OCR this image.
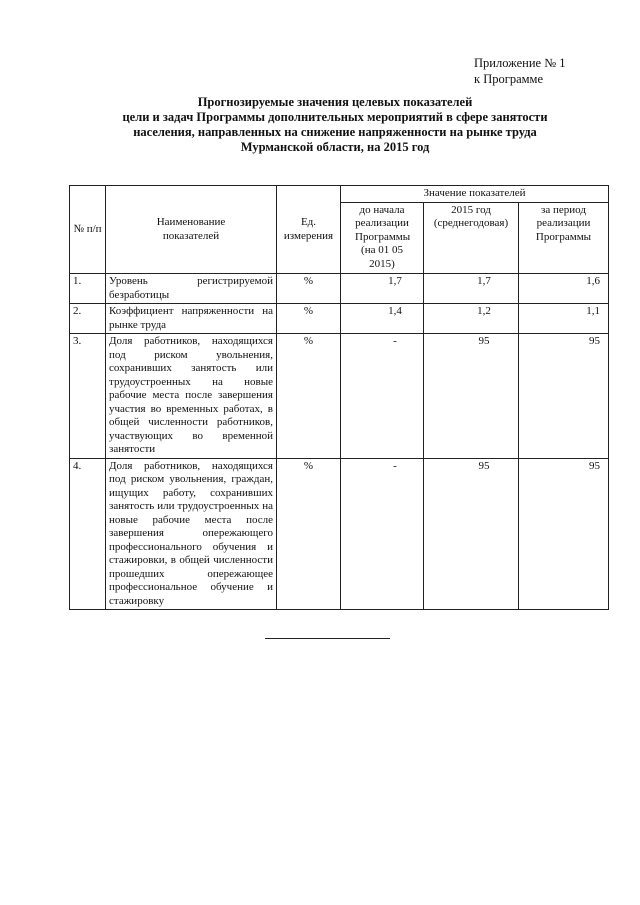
Приложение № 1
к Программе
Прогнозируемые значения целевых показателей
цели и задач Программы дополнительных мероприятий в сфере занятости
населения, направленных на снижение напряженности на рынке труда
Мурманской области, на 2015 год
№ п/п	Наименование показателей	Ед. измерения	Значение показателей		
			до начала реализации Программы (на 01 05 2015)	2015 год (среднегодовая)	за период реализации Программы
1.	Уровень регистрируемой безработицы	%	1,7	1,7	1,6
2.	Коэффициент напряженности на рынке труда	%	1,4	1,2	1,1
3.	Доля работников, находящихся под риском увольнения, сохранивших занятость или трудоустроенных на новые рабочие места после завершения участия во временных работах, в общей численности работников, участвующих во временной занятости	%	-	95	95
4.	Доля работников, находящихся под риском увольнения, граждан, ищущих работу, сохранивших занятость или трудоустроенных на новые рабочие места после завершения опережающего профессионального обучения и стажировки, в общей численности прошедших опережающее профессиональное обучение и стажировку	%	-	95	95
